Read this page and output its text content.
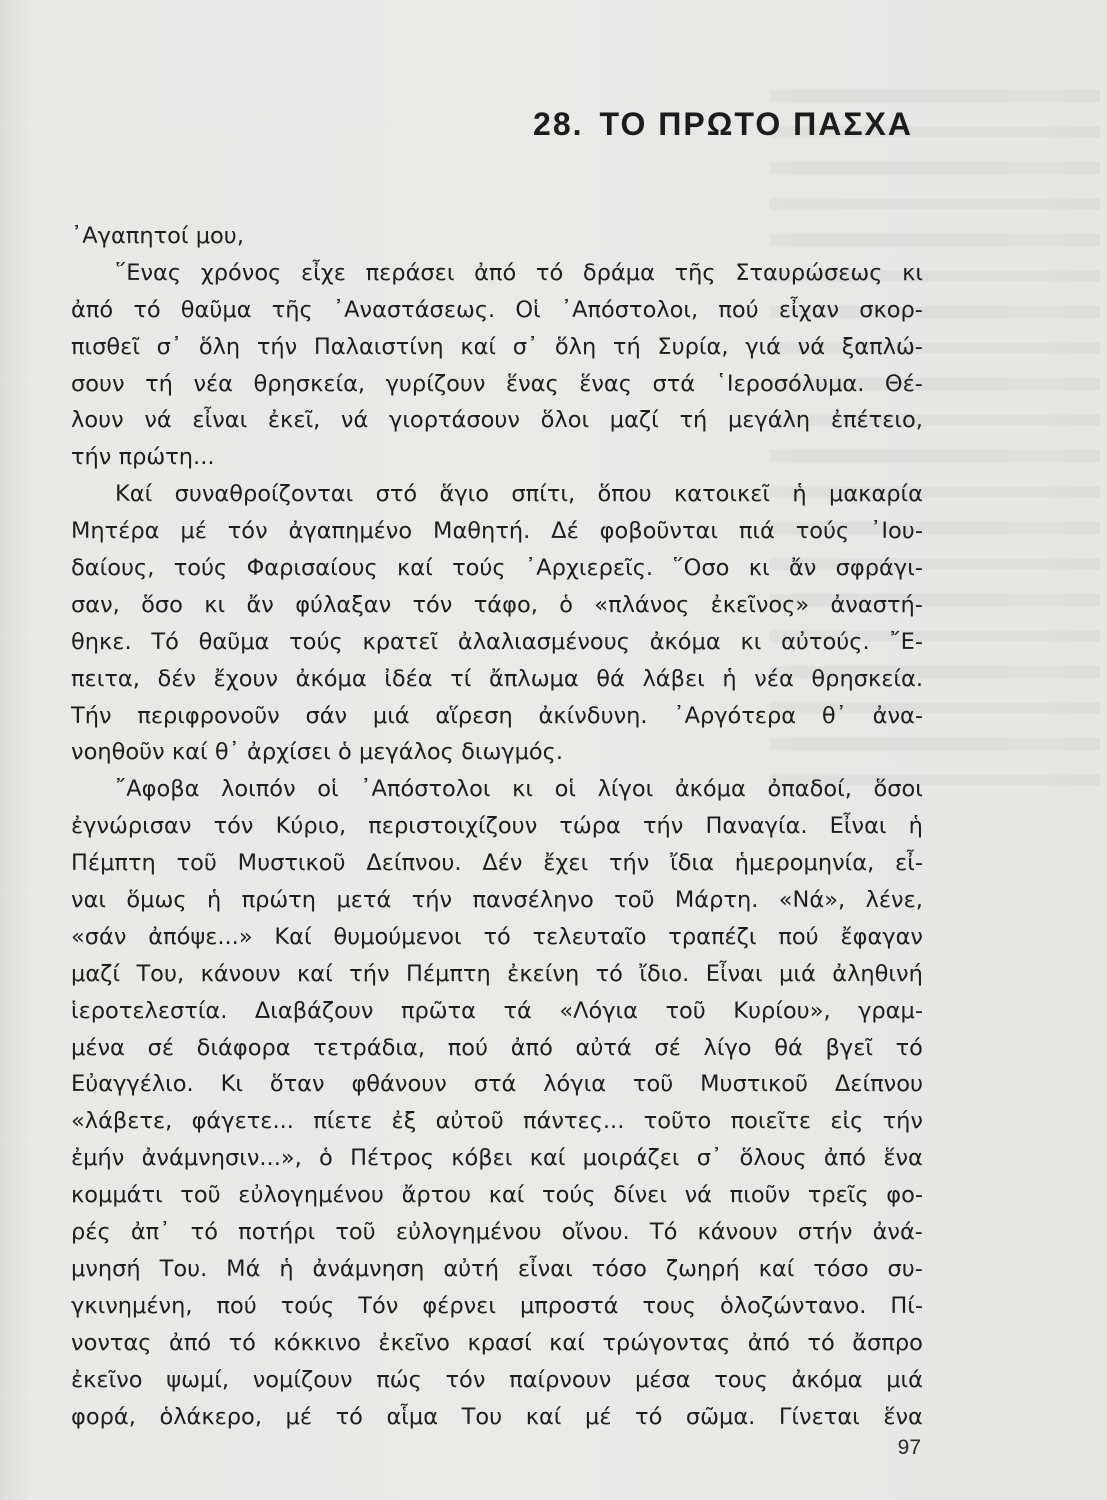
28. ΤΟ ΠΡΩΤΟ ΠΑΣΧΑ
᾿Αγαπητοί μου,
῞Ενας χρόνος εἶχε περάσει ἀπό τό δράμα τῆς Σταυρώσεως κι
ἀπό τό θαῦμα τῆς ᾿Αναστάσεως. Οἱ ᾿Απόστολοι, πού εἶχαν σκορ-
πισθεῖ σ᾿ ὅλη τήν Παλαιστίνη καί σ᾿ ὅλη τή Συρία, γιά νά ξαπλώ-
σουν τή νέα θρησκεία, γυρίζουν ἕνας ἕνας στά ῾Ιεροσόλυμα. Θέ-
λουν νά εἶναι ἐκεῖ, νά γιορτάσουν ὅλοι μαζί τή μεγάλη ἐπέτειο,
τήν πρώτη...
Καί συναθροίζονται στό ἅγιο σπίτι, ὅπου κατοικεῖ ἡ μακαρία
Μητέρα μέ τόν ἀγαπημένο Μαθητή. Δέ φοβοῦνται πιά τούς ᾿Ιου-
δαίους, τούς Φαρισαίους καί τούς ᾿Αρχιερεῖς. ῞Οσο κι ἄν σφράγι-
σαν, ὅσο κι ἄν φύλαξαν τόν τάφο, ὁ «πλάνος ἐκεῖνος» ἀναστή-
θηκε. Τό θαῦμα τούς κρατεῖ ἀλαλιασμένους ἀκόμα κι αὐτούς. ῎Ε-
πειτα, δέν ἔχουν ἀκόμα ἰδέα τί ἄπλωμα θά λάβει ἡ νέα θρησκεία.
Τήν περιφρονοῦν σάν μιά αἵρεση ἀκίνδυνη. ᾿Αργότερα θ᾿ ἀνα-
νοηθοῦν καί θ᾿ ἀρχίσει ὁ μεγάλος διωγμός.
῎Αφοβα λοιπόν οἱ ᾿Απόστολοι κι οἱ λίγοι ἀκόμα ὀπαδοί, ὅσοι
ἐγνώρισαν τόν Κύριο, περιστοιχίζουν τώρα τήν Παναγία. Εἶναι ἡ
Πέμπτη τοῦ Μυστικοῦ Δείπνου. Δέν ἔχει τήν ἴδια ἡμερομηνία, εἶ-
ναι ὅμως ἡ πρώτη μετά τήν πανσέληνο τοῦ Μάρτη. «Νά», λένε,
«σάν ἀπόψε...» Καί θυμούμενοι τό τελευταῖο τραπέζι πού ἔφαγαν
μαζί Του, κάνουν καί τήν Πέμπτη ἐκείνη τό ἴδιο. Εἶναι μιά ἀληθινή
ἱεροτελεστία. Διαβάζουν πρῶτα τά «Λόγια τοῦ Κυρίου», γραμ-
μένα σέ διάφορα τετράδια, πού ἀπό αὐτά σέ λίγο θά βγεῖ τό
Εὐαγγέλιο. Κι ὅταν φθάνουν στά λόγια τοῦ Μυστικοῦ Δείπνου
«λάβετε, φάγετε... πίετε ἐξ αὐτοῦ πάντες... τοῦτο ποιεῖτε εἰς τήν
ἐμήν ἀνάμνησιν...», ὁ Πέτρος κόβει καί μοιράζει σ᾿ ὅλους ἀπό ἕνα
κομμάτι τοῦ εὐλογημένου ἄρτου καί τούς δίνει νά πιοῦν τρεῖς φο-
ρές ἀπ᾿ τό ποτήρι τοῦ εὐλογημένου οἴνου. Τό κάνουν στήν ἀνά-
μνησή Του. Μά ἡ ἀνάμνηση αὐτή εἶναι τόσο ζωηρή καί τόσο συ-
γκινημένη, πού τούς Τόν φέρνει μπροστά τους ὁλοζώντανο. Πί-
νοντας ἀπό τό κόκκινο ἐκεῖνο κρασί καί τρώγοντας ἀπό τό ἄσπρο
ἐκεῖνο ψωμί, νομίζουν πώς τόν παίρνουν μέσα τους ἀκόμα μιά
φορά, ὁλάκερο, μέ τό αἷμα Του καί μέ τό σῶμα. Γίνεται ἕνα
97
